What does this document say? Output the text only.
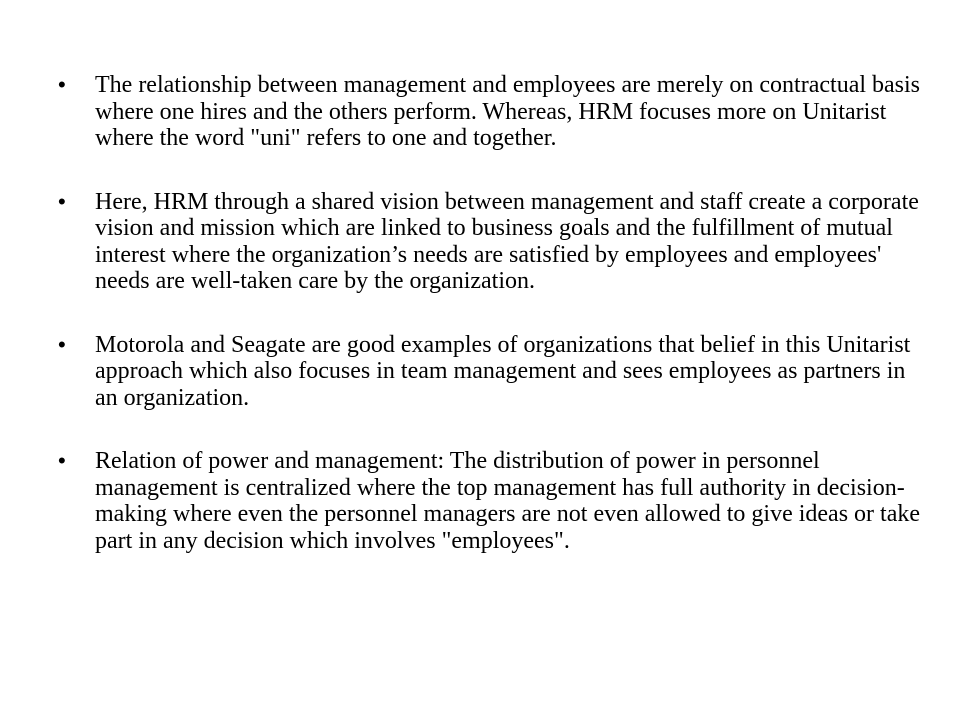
•	The relationship between management and employees are merely on contractual basis where one hires and the others perform. Whereas, HRM focuses more on Unitarist where the word "uni" refers to one and together.
•	Here, HRM through a shared vision between management and staff create a corporate vision and mission which are linked to business goals and the fulfillment of mutual interest where the organization’s needs are satisfied by employees and employees' needs are well-taken care by the organization.
•	Motorola and Seagate are good examples of organizations that belief in this Unitarist approach which also focuses in team management and sees employees as partners in an organization.
•	Relation of power and management: The distribution of power in personnel management is centralized where the top management has full authority in decision-making where even the personnel managers are not even allowed to give ideas or take part in any decision which involves "employees".
